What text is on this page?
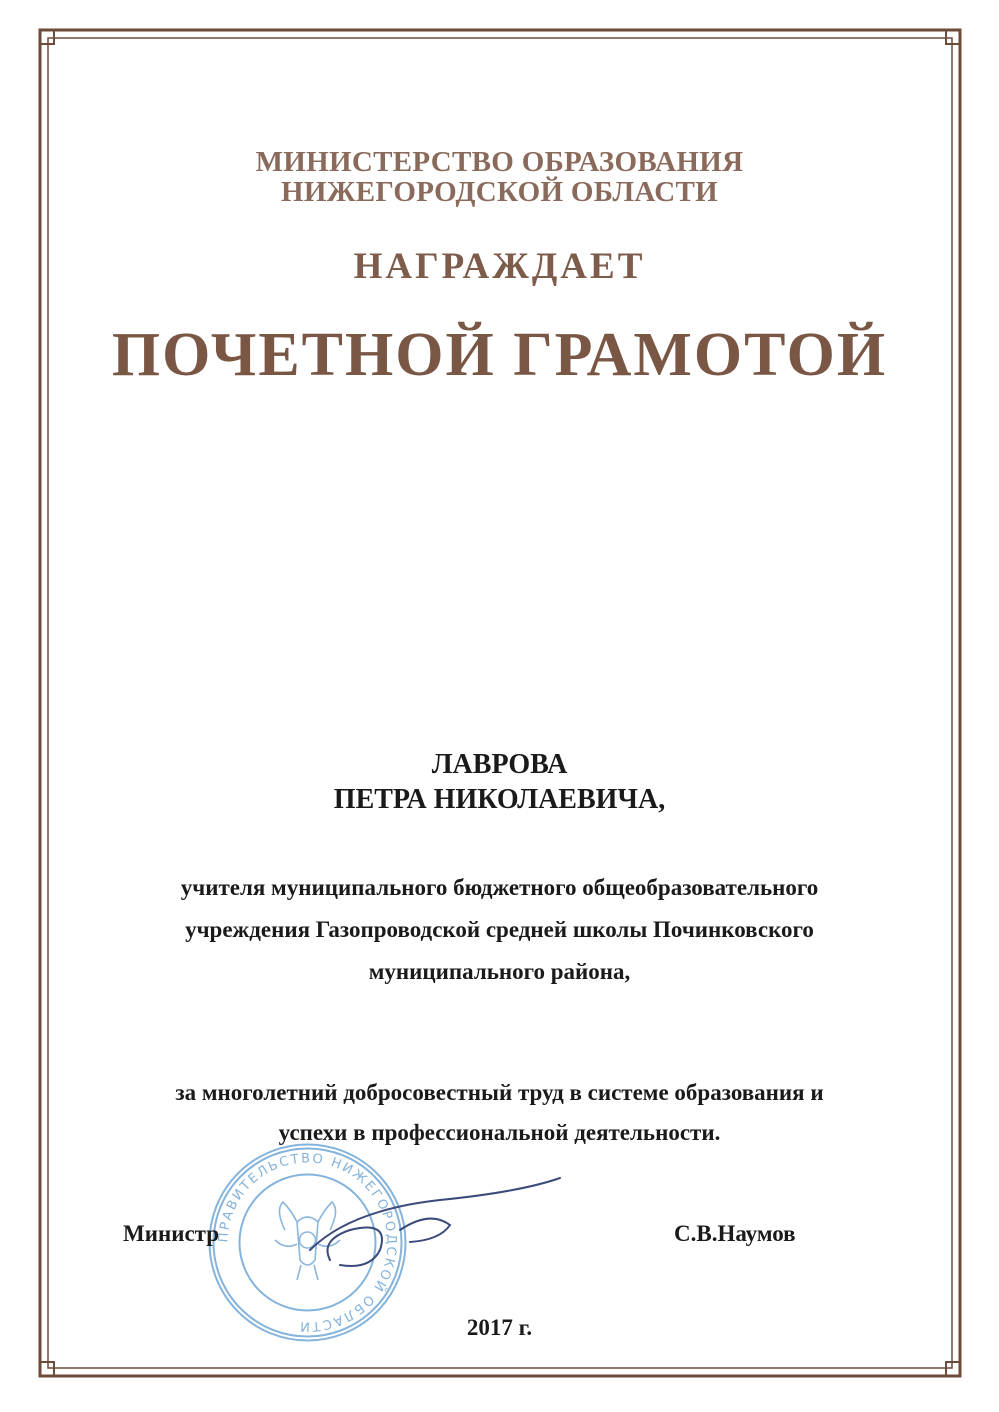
МИНИСТЕРСТВО ОБРАЗОВАНИЯ
НИЖЕГОРОДСКОЙ ОБЛАСТИ
НАГРАЖДАЕТ
ПОЧЕТНОЙ ГРАМОТОЙ
ЛАВРОВА
ПЕТРА НИКОЛАЕВИЧА,
учителя муниципального бюджетного общеобразовательного
учреждения Газопроводской средней школы Починковского
муниципального района,
за многолетний добросовестный труд в системе образования и
успехи в профессиональной деятельности.
ПРАВИТЕЛЬСТВО НИЖЕГОРОДСКОЙ ОБЛАСТИ
Министр	С.В.Наумов
2017 г.
